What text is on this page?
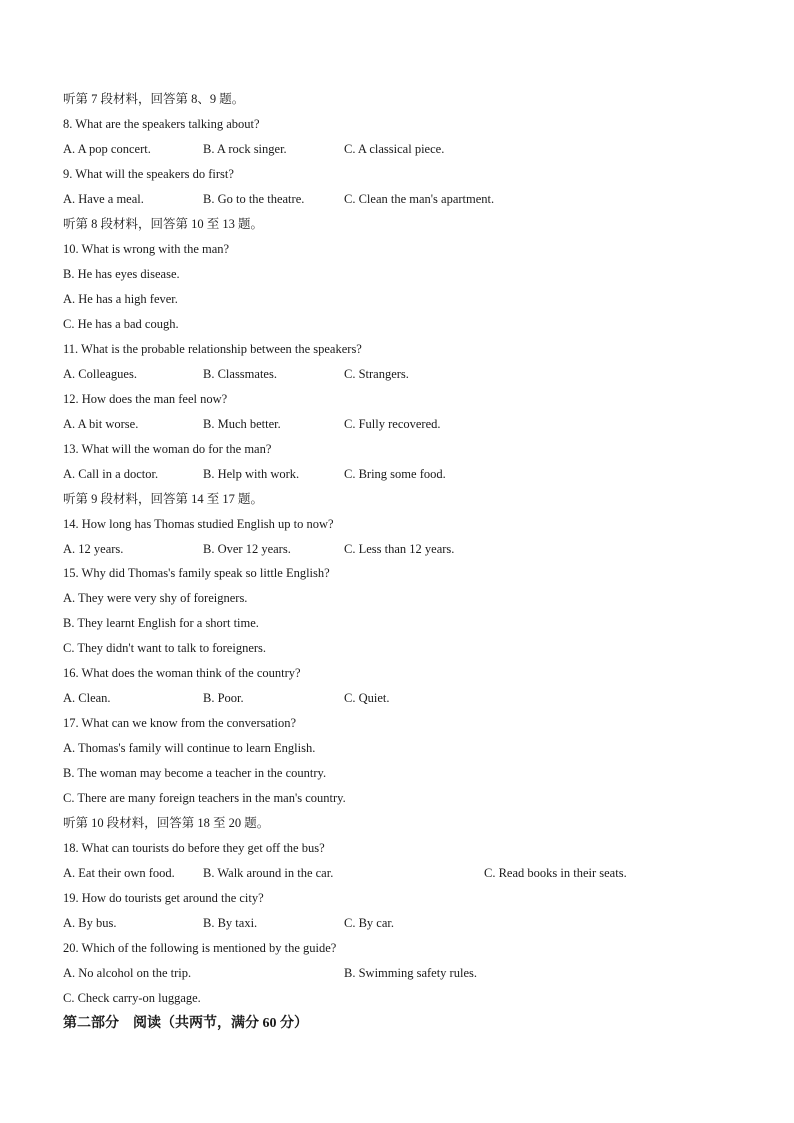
听第 7 段材料，回答第 8、9 题。
8. What are the speakers talking about?
A. A pop concert.	B. A rock singer.	C. A classical piece.
9. What will the speakers do first?
A. Have a meal.	B. Go to the theatre.	C. Clean the man's apartment.
听第 8 段材料，回答第 10 至 13 题。
10. What is wrong with the man?
B. He has eyes disease.
A. He has a high fever.
C. He has a bad cough.
11. What is the probable relationship between the speakers?
A. Colleagues.	B. Classmates.	C. Strangers.
12. How does the man feel now?
A. A bit worse.	B. Much better.	C. Fully recovered.
13. What will the woman do for the man?
A. Call in a doctor.	B. Help with work.	C. Bring some food.
听第 9 段材料，回答第 14 至 17 题。
14. How long has Thomas studied English up to now?
A. 12 years.	B. Over 12 years.	C. Less than 12 years.
15. Why did Thomas's family speak so little English?
A. They were very shy of foreigners.
B. They learnt English for a short time.
C. They didn't want to talk to foreigners.
16. What does the woman think of the country?
A. Clean.	B. Poor.	C. Quiet.
17. What can we know from the conversation?
A. Thomas's family will continue to learn English.
B. The woman may become a teacher in the country.
C. There are many foreign teachers in the man's country.
听第 10 段材料，回答第 18 至 20 题。
18. What can tourists do before they get off the bus?
A. Eat their own food. B. Walk around in the car.	C. Read books in their seats.
19. How do tourists get around the city?
A. By bus.	B. By taxi.	C. By car.
20. Which of the following is mentioned by the guide?
A. No alcohol on the trip.	B. Swimming safety rules.
C. Check carry-on luggage.
第二部分　阅读（共两节，满分 60 分）
